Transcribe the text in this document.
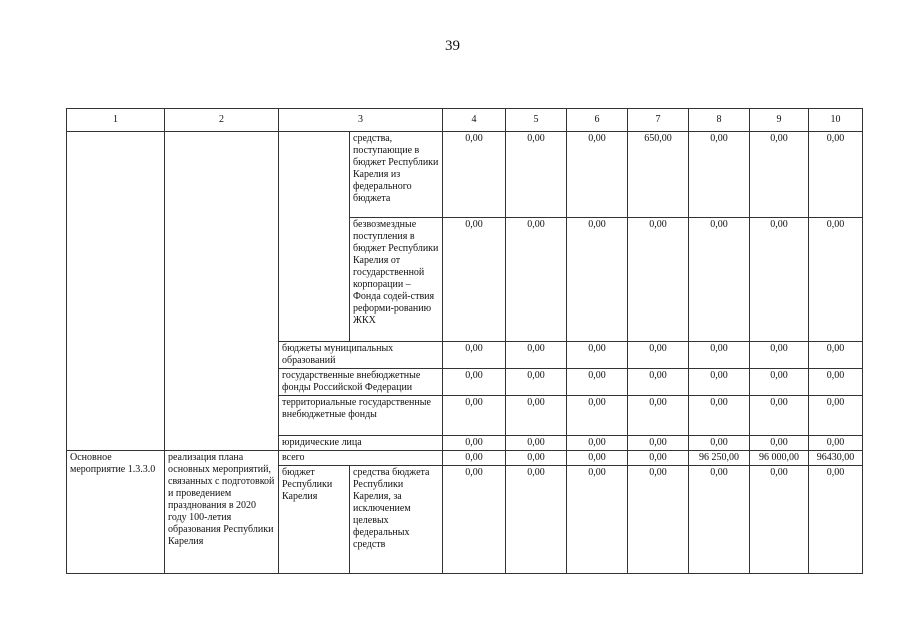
39
1	2	3		4	5	6	7	8	9	10
			средства, поступающие в бюджет Республики Карелия из федерального бюджета	0,00	0,00	0,00	650,00	0,00	0,00	0,00
			безвозмездные поступления в бюджет Республики Карелия от государственной корпорации – Фонда содей-ствия реформи-рованию ЖКХ	0,00	0,00	0,00	0,00	0,00	0,00	0,00
		бюджеты муниципальных образований		0,00	0,00	0,00	0,00	0,00	0,00	0,00
		государственные внебюджетные фонды Российской Федерации		0,00	0,00	0,00	0,00	0,00	0,00	0,00
		территориальные государственные внебюджетные фонды		0,00	0,00	0,00	0,00	0,00	0,00	0,00
		юридические лица		0,00	0,00	0,00	0,00	0,00	0,00	0,00
Основное мероприятие 1.3.3.0	реализация плана основных мероприятий, связанных с подготовкой и проведением празднования в 2020 году 100-летия образования Республики Карелия	всего		0,00	0,00	0,00	0,00	96 250,00	96 000,00	96430,00
		бюджет Республики Карелия	средства бюджета Республики Карелия, за исключением целевых федеральных средств	0,00	0,00	0,00	0,00	0,00	0,00	0,00
